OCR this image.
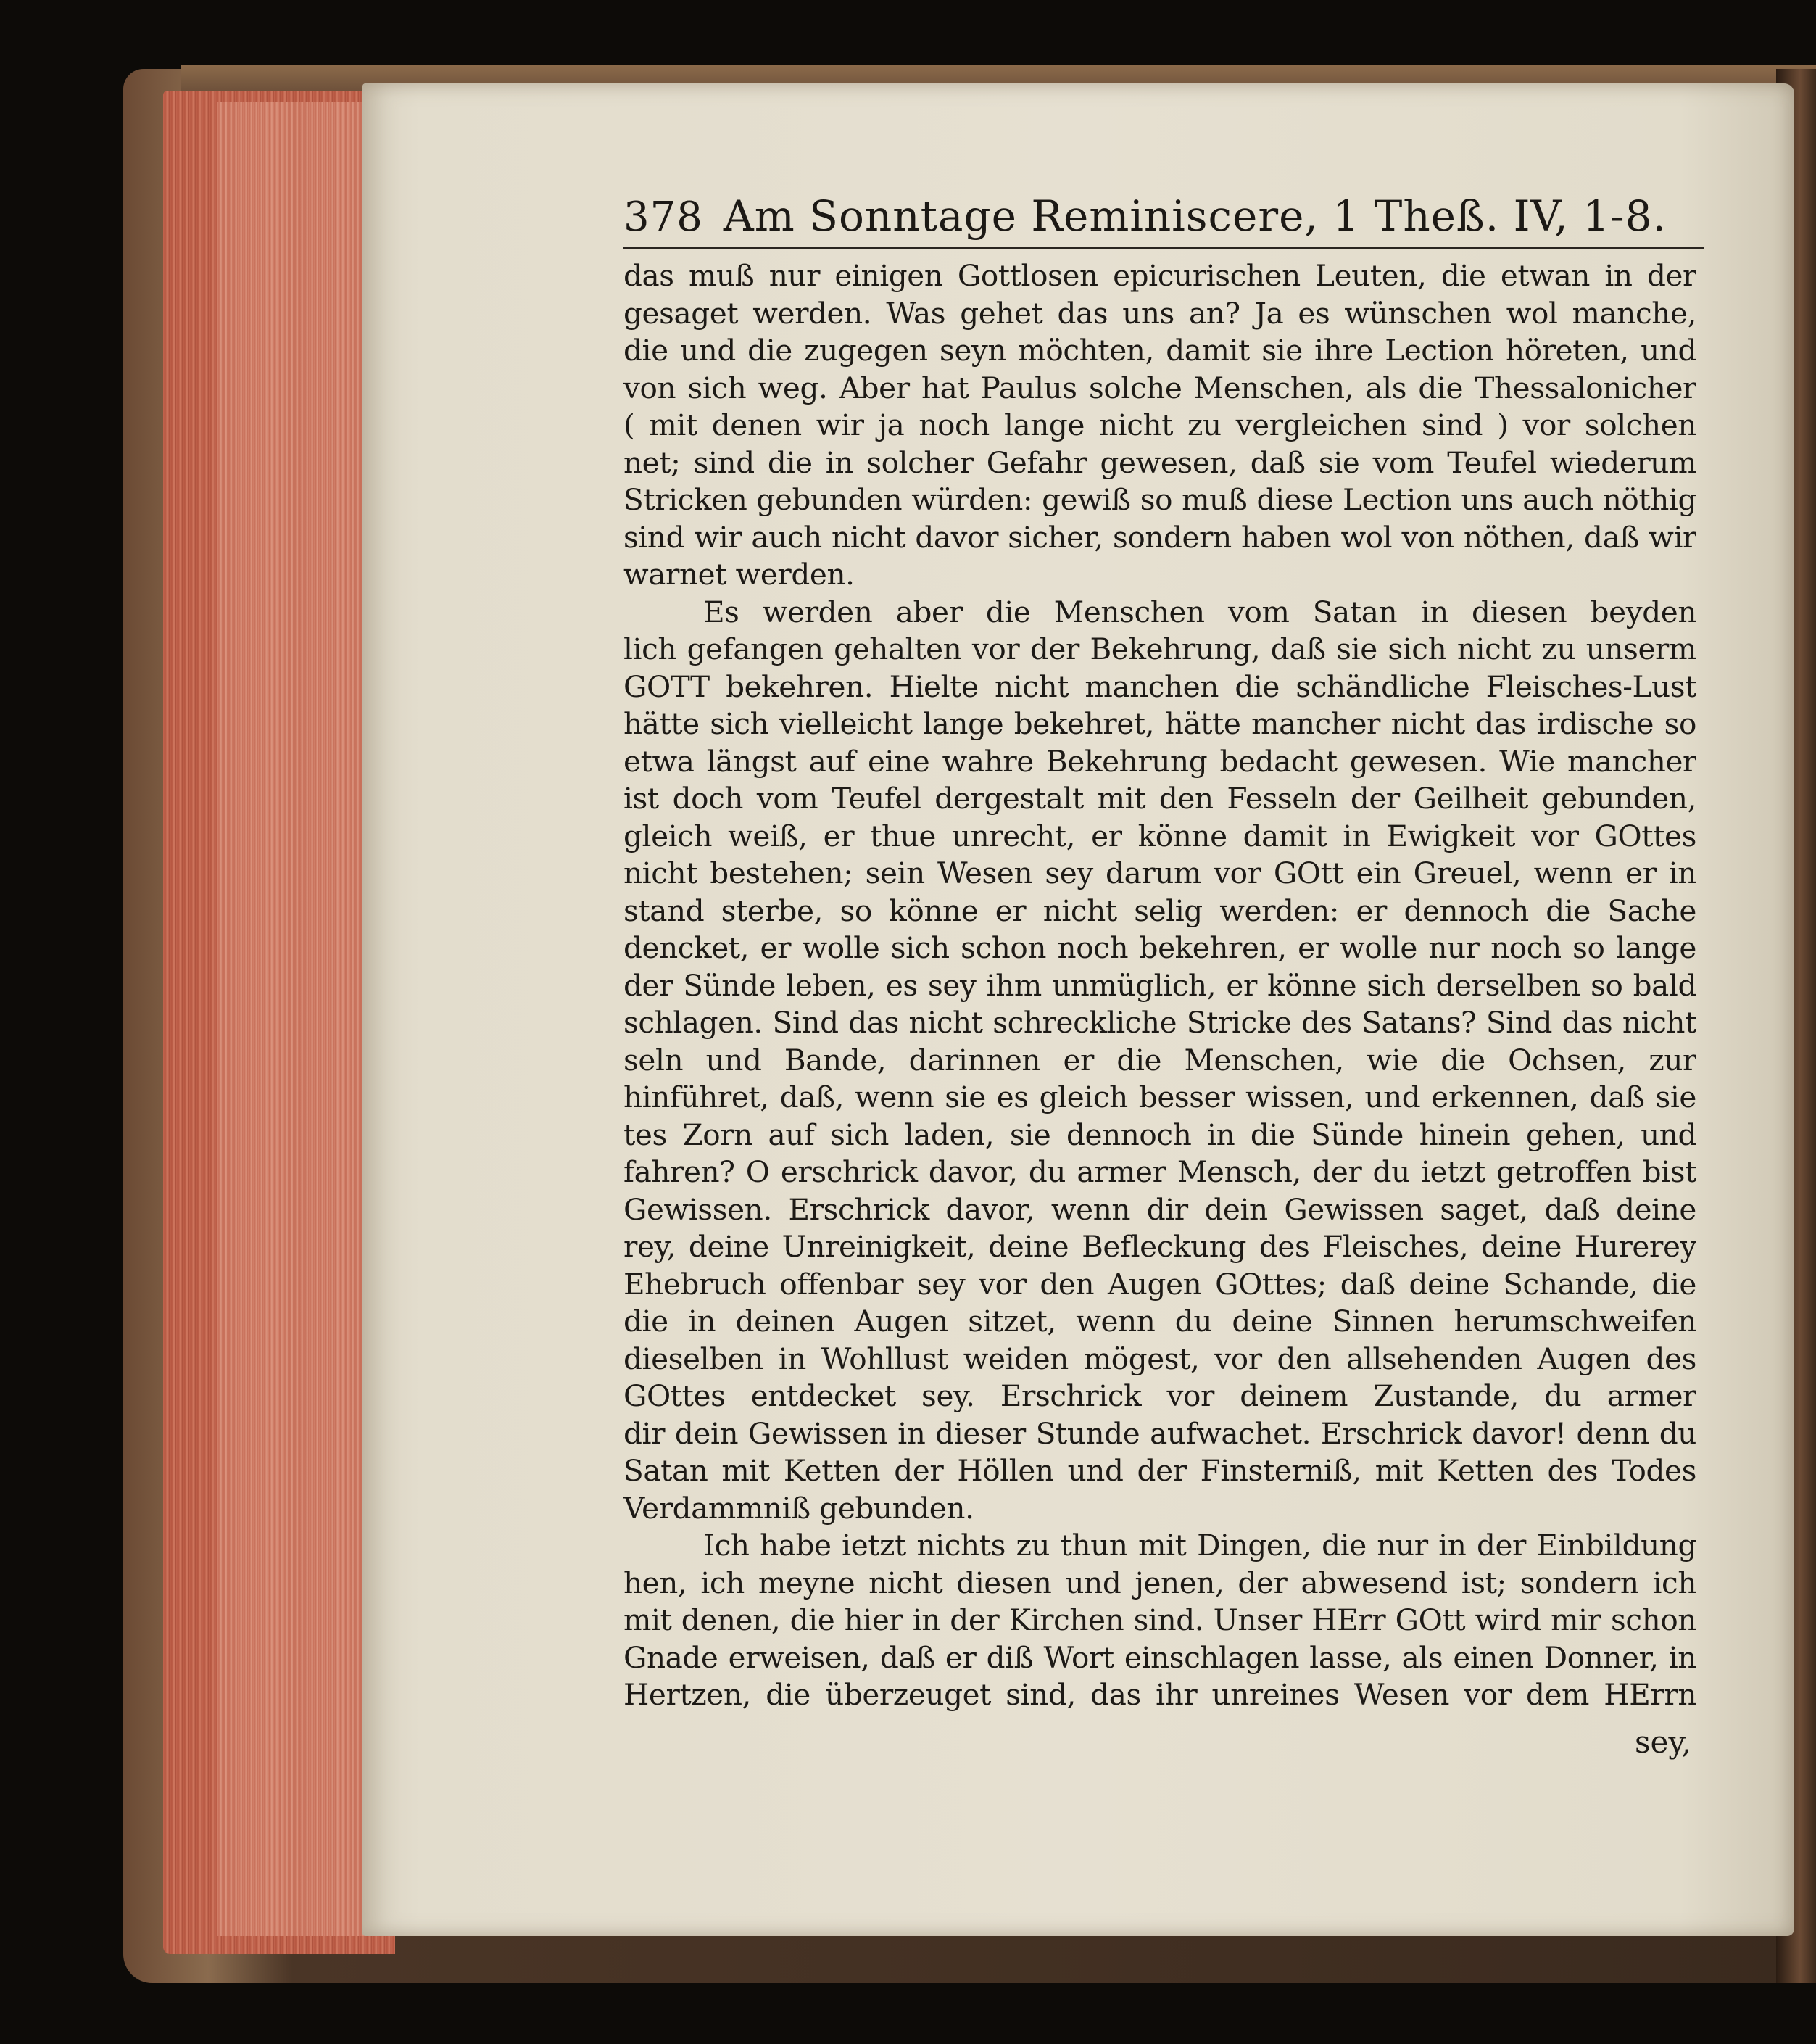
378 Am Sonntage Reminiscere, 1 Theß. IV, 1-8.
das muß nur einigen Gottlosen epicurischen Leuten, die etwan in der
gesaget werden. Was gehet das uns an? Ja es wünschen wol manche,
die und die zugegen seyn möchten, damit sie ihre Lection höreten, und
von sich weg. Aber hat Paulus solche Menschen, als die Thessalonicher
( mit denen wir ja noch lange nicht zu vergleichen sind ) vor solchen
net; sind die in solcher Gefahr gewesen, daß sie vom Teufel wiederum
Stricken gebunden würden: gewiß so muß diese Lection uns auch nöthig
sind wir auch nicht davor sicher, sondern haben wol von nöthen, daß wir
warnet werden.
Es werden aber die Menschen vom Satan in diesen beyden
lich gefangen gehalten vor der Bekehrung, daß sie sich nicht zu unserm
GOTT bekehren. Hielte nicht manchen die schändliche Fleisches-Lust
hätte sich vielleicht lange bekehret, hätte mancher nicht das irdische so
etwa längst auf eine wahre Bekehrung bedacht gewesen. Wie mancher
ist doch vom Teufel dergestalt mit den Fesseln der Geilheit gebunden,
gleich weiß, er thue unrecht, er könne damit in Ewigkeit vor GOttes
nicht bestehen; sein Wesen sey darum vor GOtt ein Greuel, wenn er in
stand sterbe, so könne er nicht selig werden: er dennoch die Sache
dencket, er wolle sich schon noch bekehren, er wolle nur noch so lange
der Sünde leben, es sey ihm unmüglich, er könne sich derselben so bald
schlagen. Sind das nicht schreckliche Stricke des Satans? Sind das nicht
seln und Bande, darinnen er die Menschen, wie die Ochsen, zur
hinführet, daß, wenn sie es gleich besser wissen, und erkennen, daß sie
tes Zorn auf sich laden, sie dennoch in die Sünde hinein gehen, und
fahren? O erschrick davor, du armer Mensch, der du ietzt getroffen bist
Gewissen. Erschrick davor, wenn dir dein Gewissen saget, daß deine
rey, deine Unreinigkeit, deine Befleckung des Fleisches, deine Hurerey
Ehebruch offenbar sey vor den Augen GOttes; daß deine Schande, die
die in deinen Augen sitzet, wenn du deine Sinnen herumschweifen
dieselben in Wohllust weiden mögest, vor den allsehenden Augen des
GOttes entdecket sey. Erschrick vor deinem Zustande, du armer
dir dein Gewissen in dieser Stunde aufwachet. Erschrick davor! denn du
Satan mit Ketten der Höllen und der Finsterniß, mit Ketten des Todes
Verdammniß gebunden.
Ich habe ietzt nichts zu thun mit Dingen, die nur in der Einbildung
hen, ich meyne nicht diesen und jenen, der abwesend ist; sondern ich
mit denen, die hier in der Kirchen sind. Unser HErr GOtt wird mir schon
Gnade erweisen, daß er diß Wort einschlagen lasse, als einen Donner, in
Hertzen, die überzeuget sind, das ihr unreines Wesen vor dem HErrn
sey,
